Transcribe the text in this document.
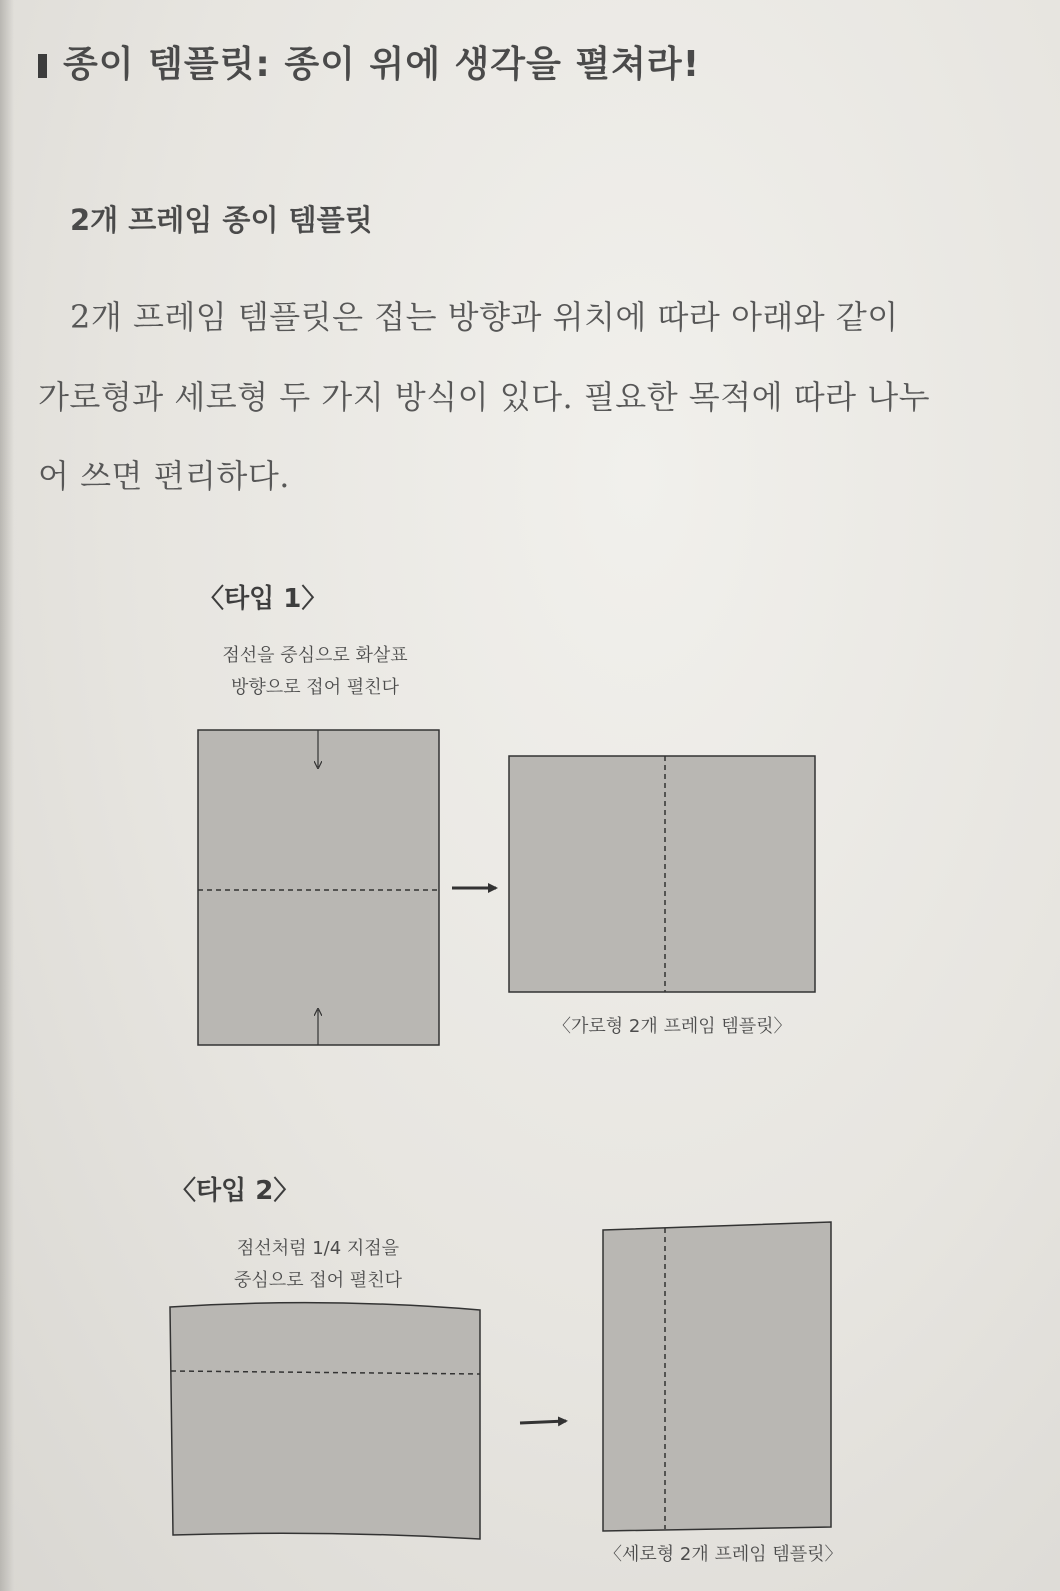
종이 템플릿: 종이 위에 생각을 펼쳐라!
2개 프레임 종이 템플릿
2개 프레임 템플릿은 접는 방향과 위치에 따라 아래와 같이
가로형과 세로형 두 가지 방식이 있다. 필요한 목적에 따라 나누
어 쓰면 편리하다.
〈타입 1〉
점선을 중심으로 화살표
방향으로 접어 펼친다
〈가로형 2개 프레임 템플릿〉
〈타입 2〉
점선처럼 1/4 지점을
중심으로 접어 펼친다
〈세로형 2개 프레임 템플릿〉
